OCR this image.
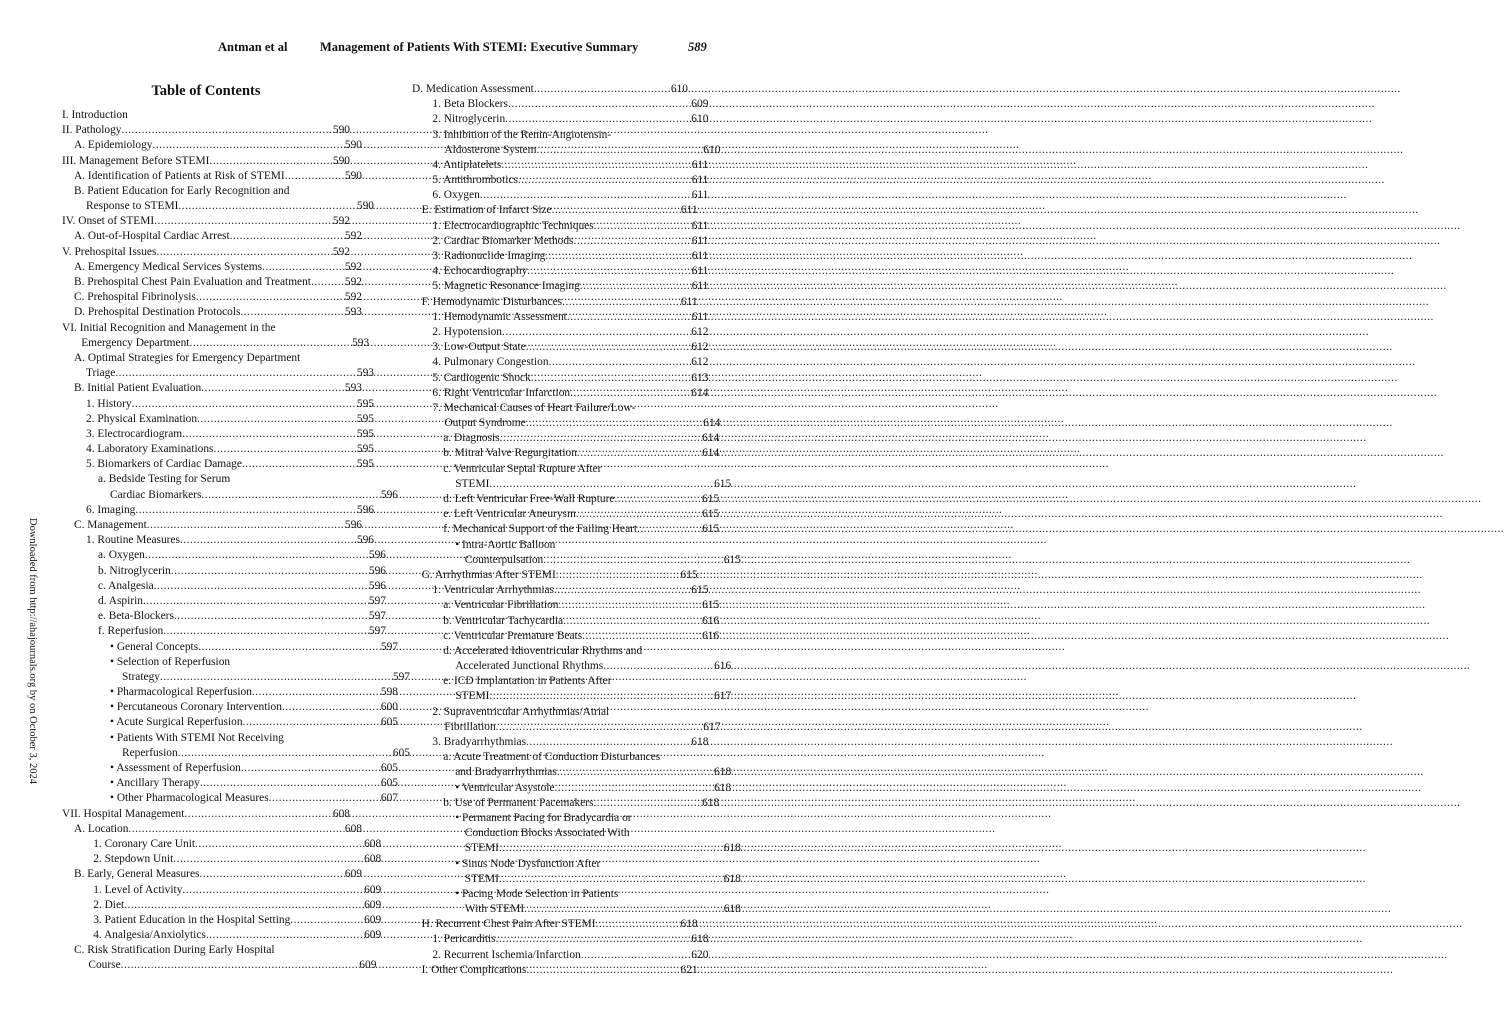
Antman et al	Management of Patients With STEMI: Executive Summary	589
Table of Contents
I. Introduction
II. Pathology .....	590
A. Epidemiology .....	590
III. Management Before STEMI .....	590
A. Identification of Patients at Risk of STEMI .....	590
B. Patient Education for Early Recognition and
Response to STEMI .....	590
IV. Onset of STEMI .....	592
A. Out-of-Hospital Cardiac Arrest .....	592
V. Prehospital Issues .....	592
A. Emergency Medical Services Systems .....	592
B. Prehospital Chest Pain Evaluation and Treatment .....	592
C. Prehospital Fibrinolysis .....	592
D. Prehospital Destination Protocols .....	593
VI. Initial Recognition and Management in the
Emergency Department .....	593
A. Optimal Strategies for Emergency Department
Triage .....	593
B. Initial Patient Evaluation .....	593
1. History .....	595
2. Physical Examination .....	595
3. Electrocardiogram .....	595
4. Laboratory Examinations .....	595
5. Biomarkers of Cardiac Damage .....	595
a. Bedside Testing for Serum
Cardiac Biomarkers .....	596
6. Imaging .....	596
C. Management .....	596
1. Routine Measures .....	596
a. Oxygen .....	596
b. Nitroglycerin .....	596
c. Analgesia .....	596
d. Aspirin .....	597
e. Beta-Blockers .....	597
f. Reperfusion .....	597
• General Concepts .....	597
• Selection of Reperfusion
Strategy .....	597
• Pharmacological Reperfusion .....	598
• Percutaneous Coronary Intervention .....	600
• Acute Surgical Reperfusion .....	605
• Patients With STEMI Not Receiving
Reperfusion .....	605
• Assessment of Reperfusion .....	605
• Ancillary Therapy .....	605
• Other Pharmacological Measures .....	607
VII. Hospital Management .....	608
A. Location .....	608
1. Coronary Care Unit .....	608
2. Stepdown Unit .....	608
B. Early, General Measures .....	609
1. Level of Activity .....	609
2. Diet .....	609
3. Patient Education in the Hospital Setting .....	609
4. Analgesia/Anxiolytics .....	609
C. Risk Stratification During Early Hospital
Course .....	609
D. Medication Assessment .....	610
1. Beta Blockers .....	609
2. Nitroglycerin .....	610
3. Inhibition of the Renin-Angiotensin-
Aldosterone System .....	610
4. Antiplatelets .....	611
5. Antithrombotics .....	611
6. Oxygen .....	611
E. Estimation of Infarct Size .....	611
1. Electrocardiographic Techniques .....	611
2. Cardiac Biomarker Methods .....	611
3. Radionuclide Imaging .....	611
4. Echocardiography .....	611
5. Magnetic Resonance Imaging .....	611
F. Hemodynamic Disturbances .....	611
1. Hemodynamic Assessment .....	611
2. Hypotension .....	612
3. Low-Output State .....	612
4. Pulmonary Congestion .....	612
5. Cardiogenic Shock .....	613
6. Right Ventricular Infarction .....	614
7. Mechanical Causes of Heart Failure/Low-
Output Syndrome .....	614
a. Diagnosis .....	614
b. Mitral Valve Regurgitation .....	614
c. Ventricular Septal Rupture After
STEMI .....	615
d. Left Ventricular Free-Wall Rupture .....	615
e. Left Ventricular Aneurysm .....	615
f. Mechanical Support of the Failing Heart .....	615
• Intra-Aortic Balloon
Counterpulsation .....	615
G. Arrhythmias After STEMI .....	615
1. Ventricular Arrhythmias .....	615
a. Ventricular Fibrillation .....	615
b. Ventricular Tachycardia .....	616
c. Ventricular Premature Beats .....	616
d. Accelerated Idioventricular Rhythms and
Accelerated Junctional Rhythms .....	616
e. ICD Implantation in Patients After
STEMI .....	617
2. Supraventricular Arrhythmias/Atrial
Fibrillation .....	617
3. Bradyarrhythmias .....	618
a. Acute Treatment of Conduction Disturbances
and Bradyarrhythmias .....	618
• Ventricular Asystole .....	618
b. Use of Permanent Pacemakers .....	618
• Permanent Pacing for Bradycardia or
Conduction Blocks Associated With
STEMI .....	618
• Sinus Node Dysfunction After
STEMI .....	618
• Pacing Mode Selection in Patients
With STEMI .....	618
H. Recurrent Chest Pain After STEMI .....	618
1. Pericarditis .....	618
2. Recurrent Ischemia/Infarction .....	620
I. Other Complications .....	621
Downloaded from http://ahajournals.org by on October 3, 2024
